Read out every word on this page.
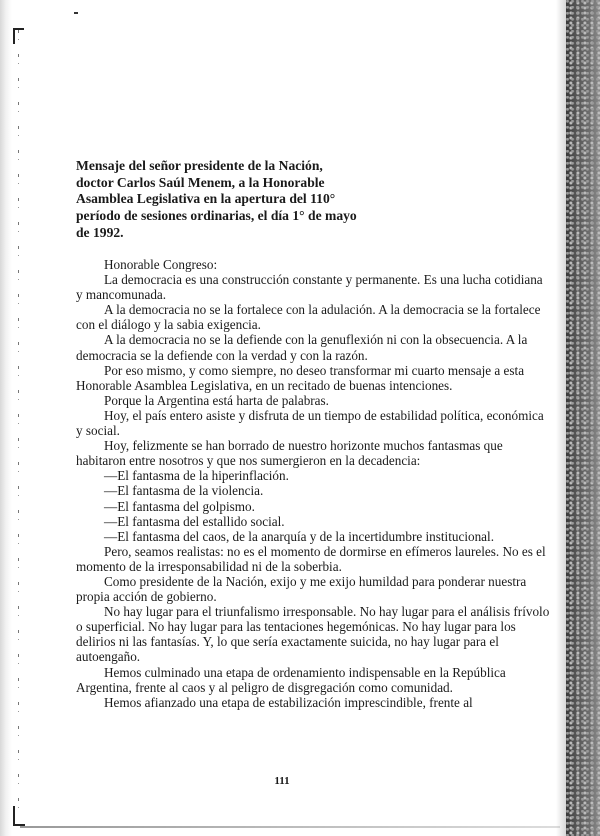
Mensaje del señor presidente de la Nación,
doctor Carlos Saúl Menem, a la Honorable
Asamblea Legislativa en la apertura del 110°
período de sesiones ordinarias, el día 1° de mayo
de 1992.

Honorable Congreso:

La democracia es una construcción constante y permanente. Es una lucha cotidiana y mancomunada.

A la democracia no se la fortalece con la adulación. A la democracia se la fortalece con el diálogo y la sabia exigencia.

A la democracia no se la defiende con la genuflexión ni con la obsecuencia. A la democracia se la defiende con la verdad y con la razón.

Por eso mismo, y como siempre, no deseo transformar mi cuarto mensaje a esta Honorable Asamblea Legislativa, en un recitado de buenas intenciones.

Porque la Argentina está harta de palabras.

Hoy, el país entero asiste y disfruta de un tiempo de estabilidad política, económica y social.

Hoy, felizmente se han borrado de nuestro horizonte muchos fantasmas que habitaron entre nosotros y que nos sumergieron en la decadencia:

—El fantasma de la hiperinflación.

—El fantasma de la violencia.

—El fantasma del golpismo.

—El fantasma del estallido social.

—El fantasma del caos, de la anarquía y de la incertidumbre institucional.

Pero, seamos realistas: no es el momento de dormirse en efímeros laureles. No es el momento de la irresponsabilidad ni de la soberbia.

Como presidente de la Nación, exijo y me exijo humildad para ponderar nuestra propia acción de gobierno.

No hay lugar para el triunfalismo irresponsable. No hay lugar para el análisis frívolo o superficial. No hay lugar para las tentaciones hegemónicas. No hay lugar para los delirios ni las fantasías. Y, lo que sería exactamente suicida, no hay lugar para el autoengaño.

Hemos culminado una etapa de ordenamiento indispensable en la República Argentina, frente al caos y al peligro de disgregación como comunidad.

Hemos afianzado una etapa de estabilización imprescindible, frente al

111
